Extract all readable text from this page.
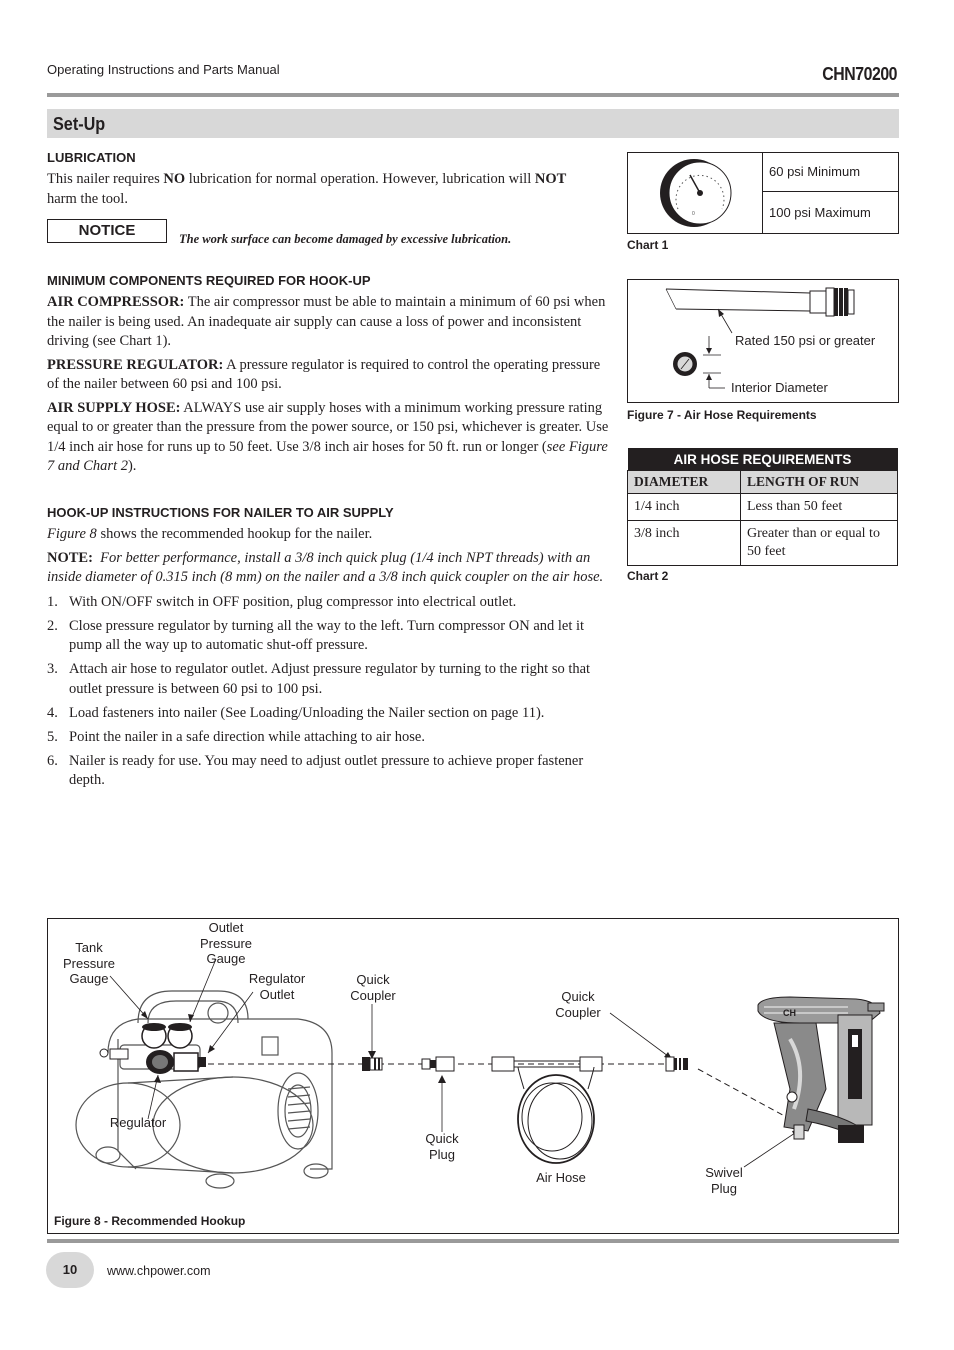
Operating Instructions and Parts Manual	CHN70200
Set-Up
LUBRICATION
This nailer requires NO lubrication for normal operation. However, lubrication will NOT harm the tool.
NOTICE	The work surface can become damaged by excessive lubrication.
MINIMUM COMPONENTS REQUIRED FOR HOOK-UP
AIR COMPRESSOR: The air compressor must be able to maintain a minimum of 60 psi when the nailer is being used. An inadequate air supply can cause a loss of power and inconsistent driving (see Chart 1).
PRESSURE REGULATOR: A pressure regulator is required to control the operating pressure of the nailer between 60 psi and 100 psi.
AIR SUPPLY HOSE: ALWAYS use air supply hoses with a minimum working pressure rating equal to or greater than the pressure from the power source, or 150 psi, whichever is greater. Use 1/4 inch air hose for runs up to 50 feet. Use 3/8 inch air hoses for 50 ft. run or longer (see Figure 7 and Chart 2).
HOOK-UP INSTRUCTIONS FOR NAILER TO AIR SUPPLY
Figure 8 shows the recommended hookup for the nailer.
NOTE: For better performance, install a 3/8 inch quick plug (1/4 inch NPT threads) with an inside diameter of 0.315 inch (8 mm) on the nailer and a 3/8 inch quick coupler on the air hose.
1. With ON/OFF switch in OFF position, plug compressor into electrical outlet.
2. Close pressure regulator by turning all the way to the left. Turn compressor ON and let it pump all the way up to automatic shut-off pressure.
3. Attach air hose to regulator outlet. Adjust pressure regulator by turning to the right so that outlet pressure is between 60 psi to 100 psi.
4. Load fasteners into nailer (See Loading/Unloading the Nailer section on page 11).
5. Point the nailer in a safe direction while attaching to air hose.
6. Nailer is ready for use. You may need to adjust outlet pressure to achieve proper fastener depth.
0
60 psi Minimum
100 psi Maximum
Chart 1
Rated 150 psi or greater
Interior Diameter
Figure 7 - Air Hose Requirements
AIR HOSE REQUIREMENTS	
DIAMETER	LENGTH OF RUN
1/4 inch	Less than 50 feet
3/8 inch	Greater than or equal to 50 feet
Chart 2
CH
Tank Pressure Gauge
Outlet Pressure Gauge
Regulator Outlet
Quick Coupler	Quick Coupler
Regulator
Quick Plug
Air Hose	Swivel Plug
Figure 8 - Recommended Hookup
10	www.chpower.com
